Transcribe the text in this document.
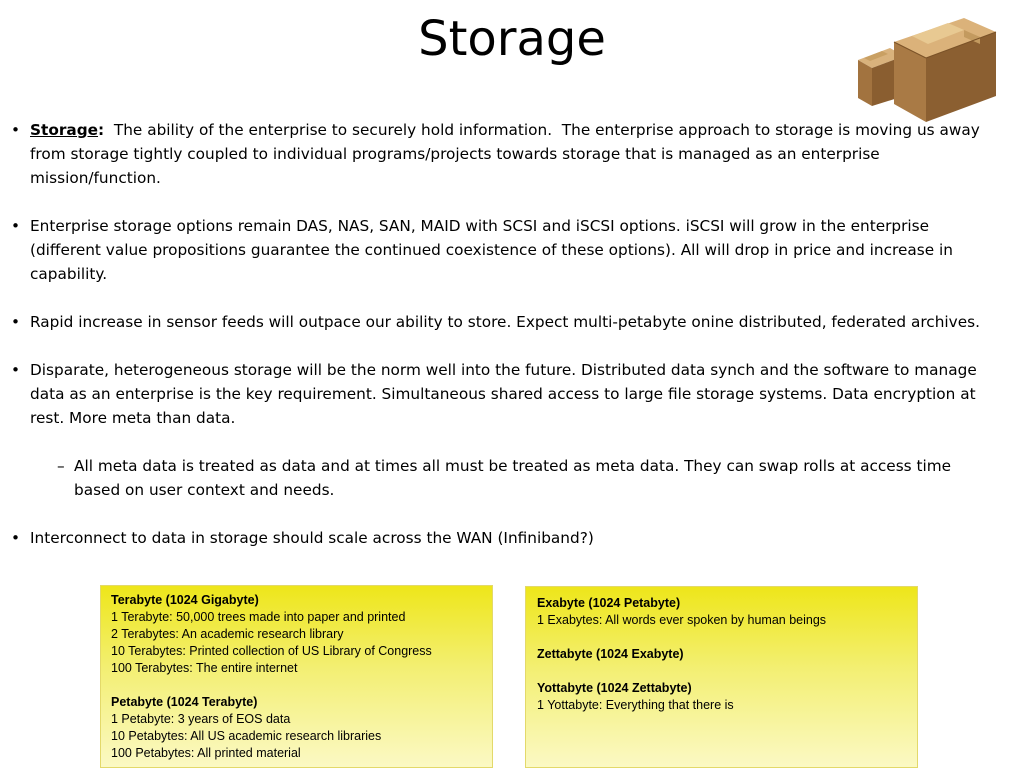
Storage
• Storage:  The ability of the enterprise to securely hold information.  The enterprise approach to storage is moving us away from storage tightly coupled to individual programs/projects towards storage that is managed as an enterprise mission/function.
• Enterprise storage options remain DAS, NAS, SAN, MAID with SCSI and iSCSI options. iSCSI will grow in the enterprise (different value propositions guarantee the continued coexistence of these options). All will drop in price and increase in capability.
• Rapid increase in sensor feeds will outpace our ability to store. Expect multi-petabyte onine distributed, federated archives.
• Disparate, heterogeneous storage will be the norm well into the future. Distributed data synch and the software to manage data as an enterprise is the key requirement. Simultaneous shared access to large file storage systems. Data encryption at rest. More meta than data.
– All meta data is treated as data and at times all must be treated as meta data. They can swap rolls at access time based on user context and needs.
• Interconnect to data in storage should scale across the WAN (Infiniband?)
Terabyte (1024 Gigabyte)
1 Terabyte: 50,000 trees made into paper and printed
2 Terabytes: An academic research library
10 Terabytes: Printed collection of US Library of Congress
100 Terabytes: The entire internet
Petabyte (1024 Terabyte)
1 Petabyte: 3 years of EOS data
10 Petabytes: All US academic research libraries
100 Petabytes: All printed material
Exabyte (1024 Petabyte)
1 Exabytes: All words ever spoken by human beings
Zettabyte (1024 Exabyte)
Yottabyte (1024 Zettabyte)
1 Yottabyte: Everything that there is
